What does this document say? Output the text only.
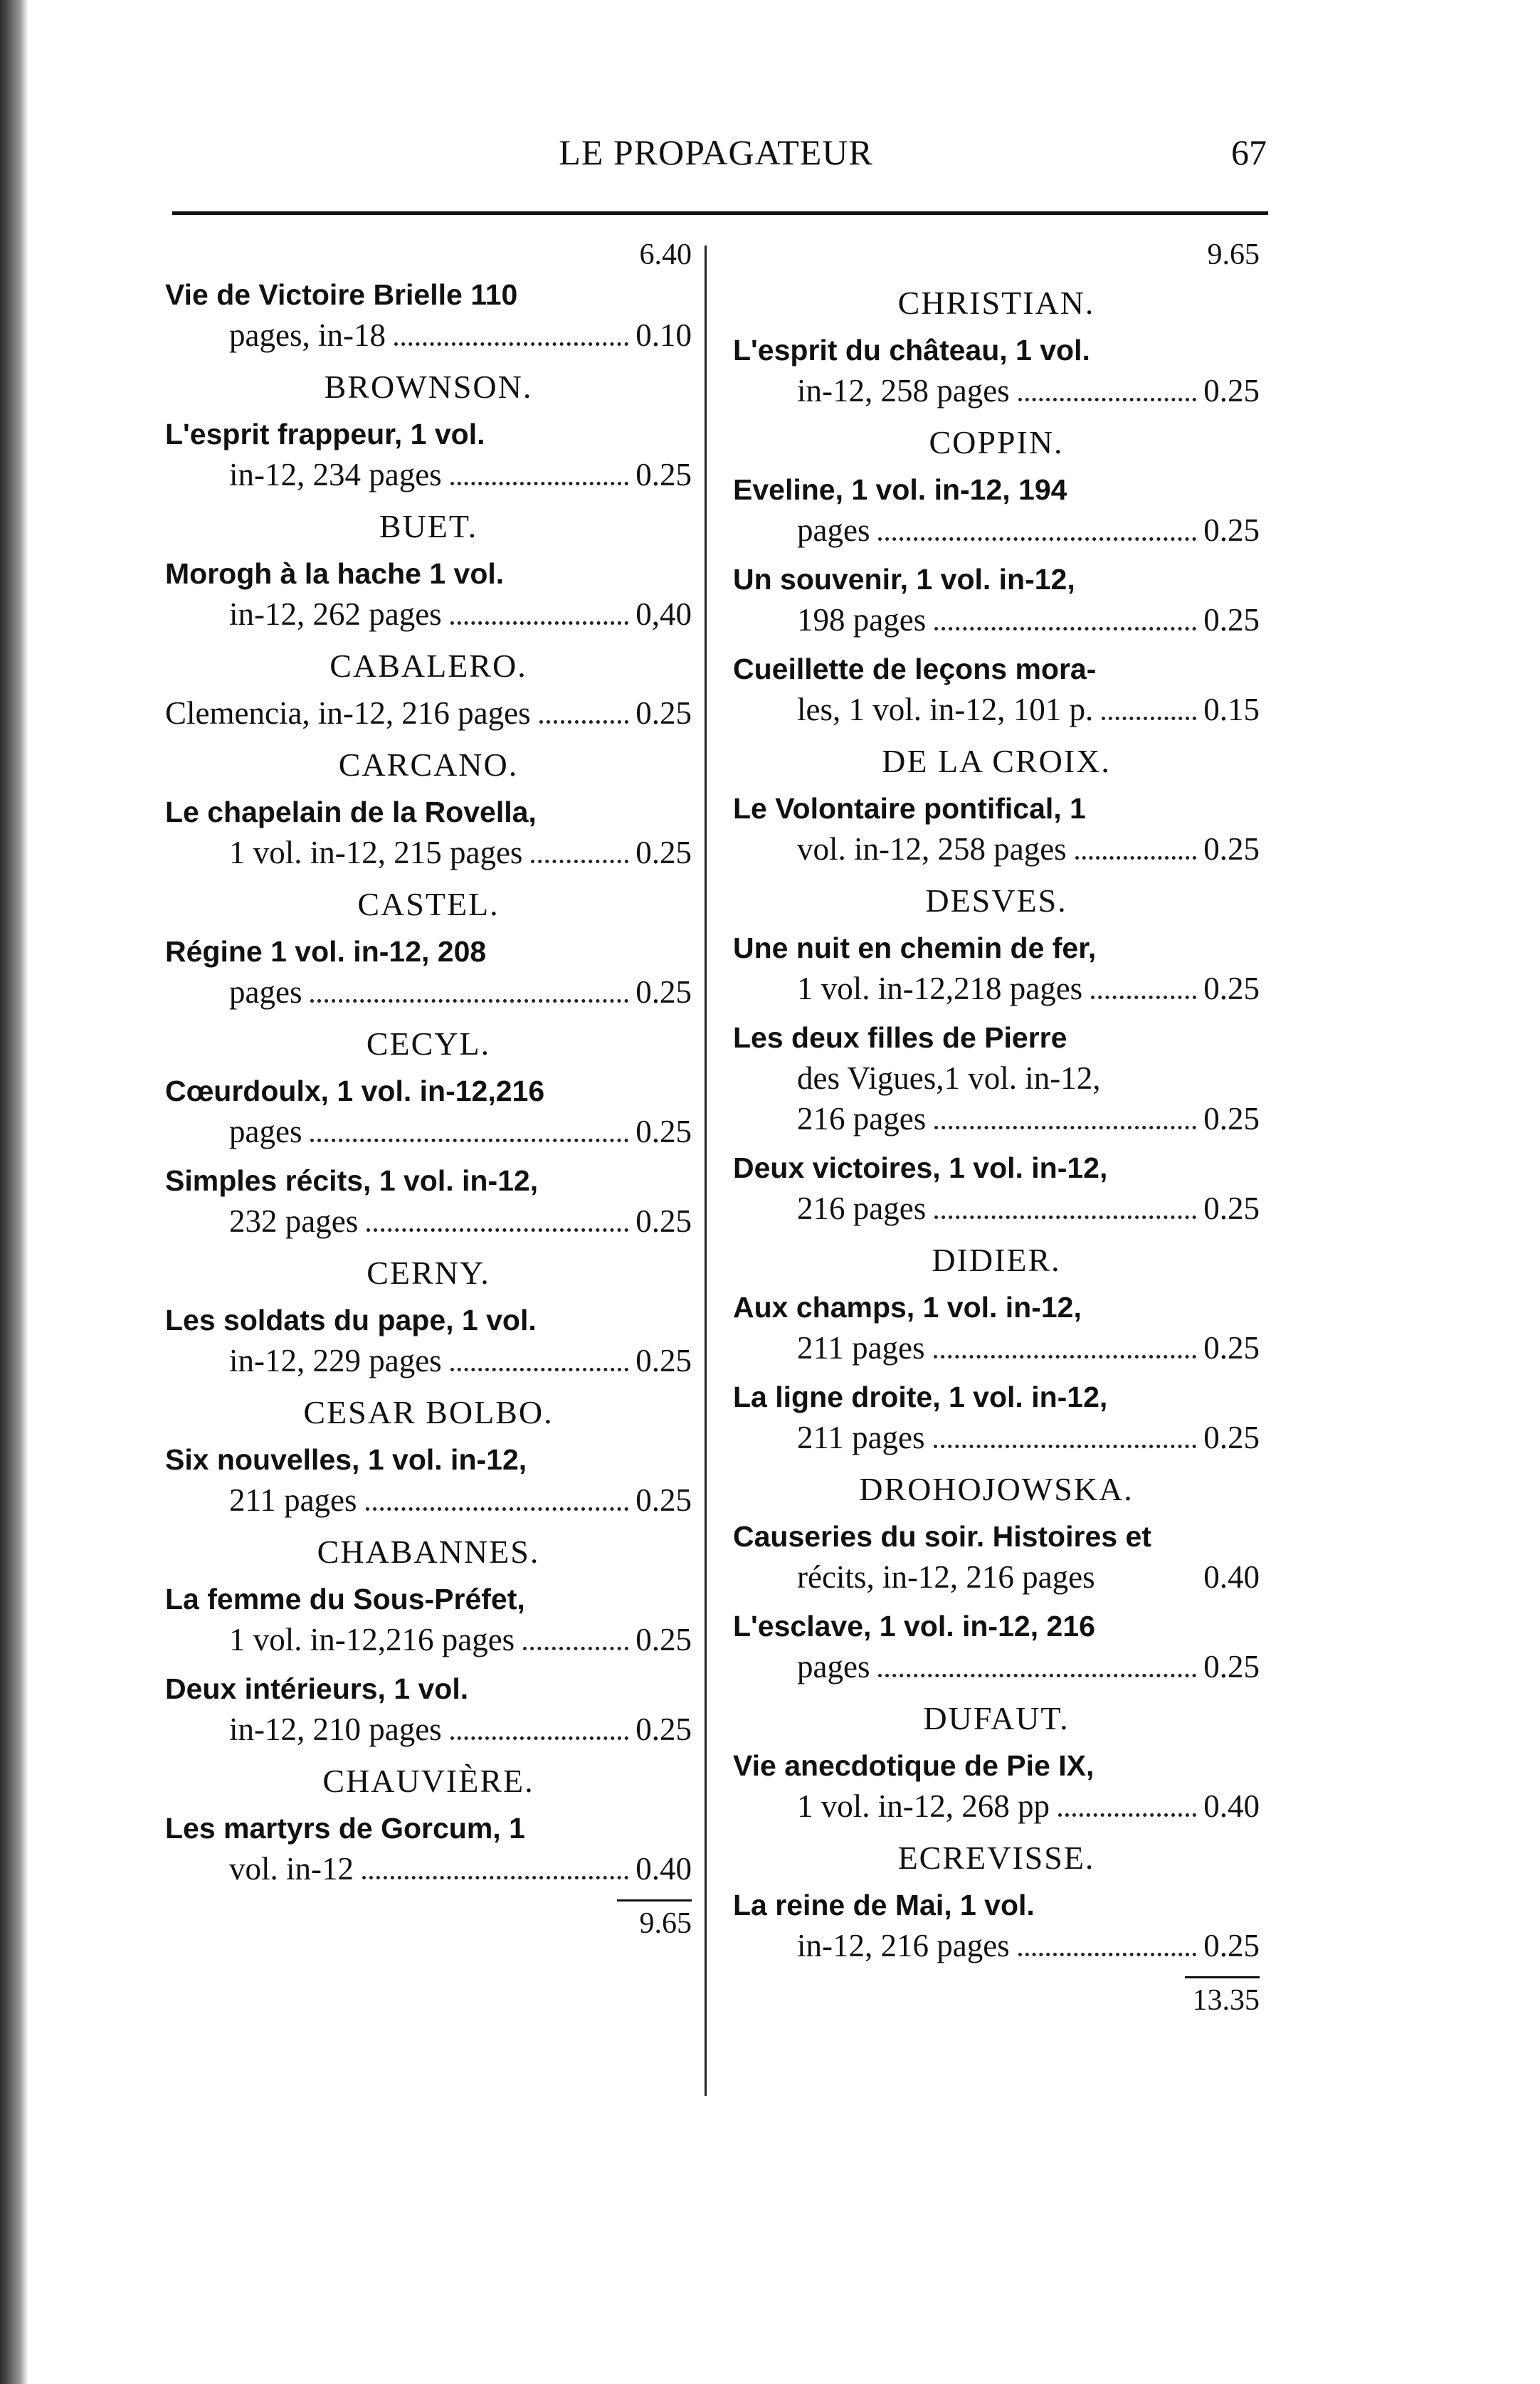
LE PROPAGATEUR	67
6.40
Vie de Victoire Brielle 110
pages, in-18	0.10
BROWNSON.
L'esprit frappeur, 1 vol.
in-12, 234 pages	0.25
BUET.
Morogh à la hache 1 vol.
in-12, 262 pages	0,40
CABALERO.
Clemencia, in-12, 216 pages	0.25
CARCANO.
Le chapelain de la Rovella,
1 vol. in-12, 215 pages	0.25
CASTEL.
Régine 1 vol. in-12, 208
pages	0.25
CECYL.
Cœurdoulx, 1 vol. in-12,216
pages	0.25
Simples récits, 1 vol. in-12,
232 pages	0.25
CERNY.
Les soldats du pape, 1 vol.
in-12, 229 pages	0.25
CESAR BOLBO.
Six nouvelles, 1 vol. in-12,
211 pages	0.25
CHABANNES.
La femme du Sous-Préfet,
1 vol. in-12,216 pages	0.25
Deux intérieurs, 1 vol.
in-12, 210 pages	0.25
CHAUVIÈRE.
Les martyrs de Gorcum, 1
vol. in-12	0.40
9.65
9.65
CHRISTIAN.
L'esprit du château, 1 vol.
in-12, 258 pages	0.25
COPPIN.
Eveline, 1 vol. in-12, 194
pages	0.25
Un souvenir, 1 vol. in-12,
198 pages	0.25
Cueillette de leçons mora-
les, 1 vol. in-12, 101 p.	0.15
DE LA CROIX.
Le Volontaire pontifical, 1
vol. in-12, 258 pages	0.25
DESVES.
Une nuit en chemin de fer,
1 vol. in-12,218 pages	0.25
Les deux filles de Pierre
des Vigues,1 vol. in-12,
216 pages	0.25
Deux victoires, 1 vol. in-12,
216 pages	0.25
DIDIER.
Aux champs, 1 vol. in-12,
211 pages	0.25
La ligne droite, 1 vol. in-12,
211 pages	0.25
DROHOJOWSKA.
Causeries du soir. Histoires et
récits, in-12, 216 pages	0.40
L'esclave, 1 vol. in-12, 216
pages	0.25
DUFAUT.
Vie anecdotique de Pie IX,
1 vol. in-12, 268 pp	0.40
ECREVISSE.
La reine de Mai, 1 vol.
in-12, 216 pages	0.25
13.35
